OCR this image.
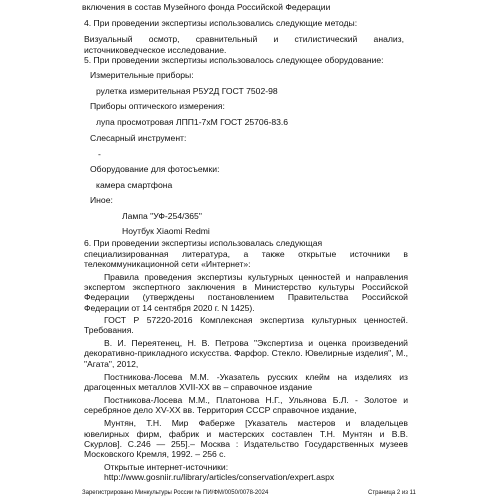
включения в состав Музейного фонда Российской Федерации
4. При проведении экспертизы использовались следующие методы:
Визуальный осмотр, сравнительный и стилистический анализ,
источниковедческое исследование.
5. При проведении экспертизы использовалось следующее оборудование:
Измерительные приборы:
рулетка измерительная Р5У2Д ГОСТ 7502-98
Приборы оптического измерения:
лупа просмотровая ЛПП1-7хМ ГОСТ 25706-83.6
Слесарный инструмент:
-
Оборудование для фотосъемки:
камера смартфона
Иное:
Лампа "УФ-254/365"
Ноутбук Xiaomi Redmi
6. При проведении экспертизы использовалась следующая
специализированная литература, а также открытые источники в
телекоммуникационной сети «Интернет»:
Правила проведения экспертизы культурных ценностей и направления
экспертом экспертного заключения в Министерство культуры Российской
Федерации (утверждены постановлением Правительства Российской
Федерации от 14 сентября 2020 г. N 1425).
ГОСТ Р 57220-2016 Комплексная экспертиза культурных ценностей.
Требования.
В. И. Переятенец, Н. В. Петрова "Экспертиза и оценка произведений
декоративно-прикладного искусства. Фарфор. Стекло. Ювелирные изделия", М.,
"Агата", 2012,
Постникова-Лосева М.М. -Указатель русских клейм на изделиях из
драгоценных металлов XVII-XX вв – справочное издание
Постникова-Лосева М.М., Платонова Н.Г., Ульянова Б.Л. - Золотое и
серебряное дело XV-XX вв. Территория СССР справочное издание,
Мунтян, Т.Н. Мир Фаберже [Указатель мастеров и владельцев
ювелирных фирм, фабрик и мастерских составлен Т.Н. Мунтян и В.В.
Скурлов]. С.246 — 255].– Москва : Издательство Государственных музеев
Московского Кремля, 1992. – 256 с.
Открытые интернет-источники:
http://www.gosniir.ru/library/articles/conservation/expert.aspx
Зарегистрировано Минкультуры России № ПИ/ФМ/0050/0078-2024	Страница 2 из 11
